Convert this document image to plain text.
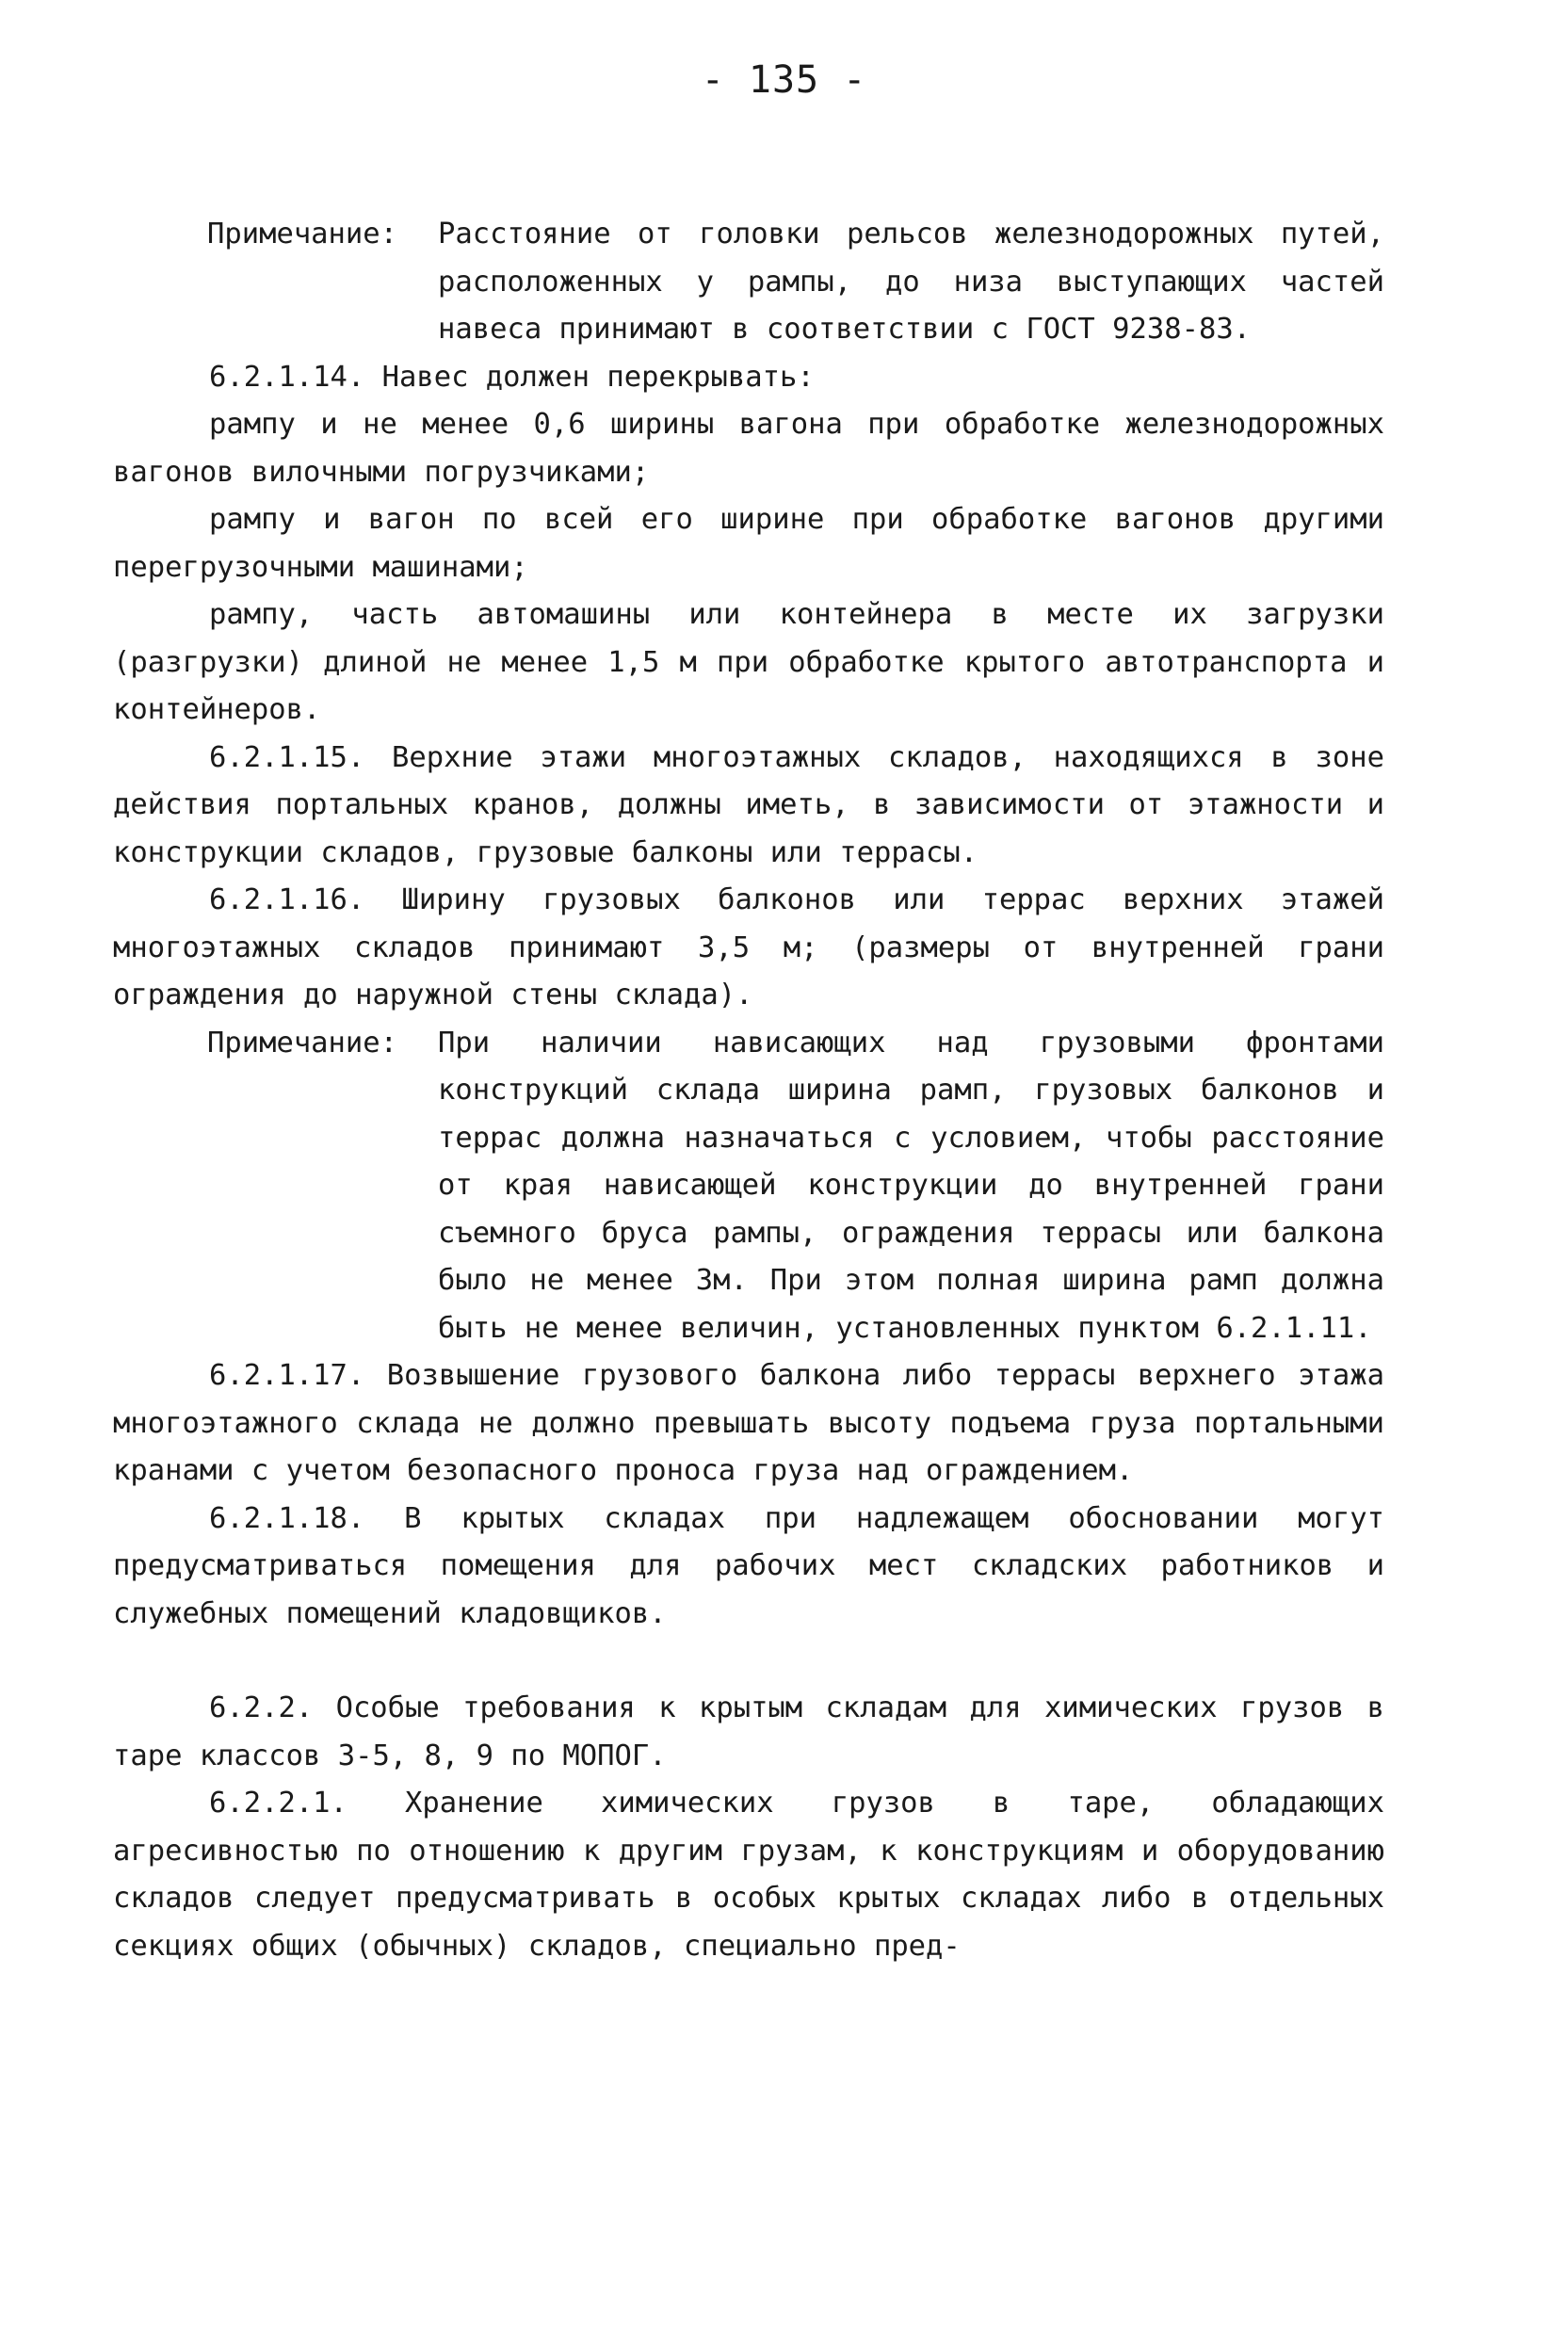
- 135 -
Примечание:	Расстояние от головки рельсов железнодорожных путей, расположенных у рампы, до низа выступающих частей навеса принимают в соответствии с ГОСТ 9238-83.

6.2.1.14. Навес должен перекрывать:

рампу и не менее 0,6 ширины вагона при обработке железнодорожных вагонов вилочными погрузчиками;

рампу и вагон по всей его ширине при обработке вагонов другими перегрузочными машинами;

рампу, часть автомашины или контейнера в месте их загрузки (разгрузки) длиной не менее 1,5 м при обработке крытого автотранспорта и контейнеров.

6.2.1.15. Верхние этажи многоэтажных складов, находящихся в зоне действия портальных кранов, должны иметь, в зависимости от этажности и конструкции складов, грузовые балконы или террасы.

6.2.1.16. Ширину грузовых балконов или террас верхних этажей многоэтажных складов принимают 3,5 м; (размеры от внутренней грани ограждения до наружной стены склада).

Примечание:	При наличии нависающих над грузовыми фронтами конструкций склада ширина рамп, грузовых балконов и террас должна назначаться с условием, чтобы расстояние от края нависающей конструкции до внутренней грани съемного бруса рампы, ограждения террасы или балкона было не менее 3м. При этом полная ширина рамп должна быть не менее величин, установленных пунктом 6.2.1.11.

6.2.1.17. Возвышение грузового балкона либо террасы верхнего этажа многоэтажного склада не должно превышать высоту подъема груза портальными кранами с учетом безопасного проноса груза над ограждением.

6.2.1.18. В крытых складах при надлежащем обосновании могут предусматриваться помещения для рабочих мест складских работников и служебных помещений кладовщиков.

6.2.2. Особые требования к крытым складам для химических грузов в таре классов 3-5, 8, 9 по МОПОГ.

6.2.2.1. Хранение химических грузов в таре, обладающих агресивностью по отношению к другим грузам, к конструкциям и оборудованию складов следует предусматривать в особых крытых складах либо в отдельных секциях общих (обычных) складов, специально пред-
